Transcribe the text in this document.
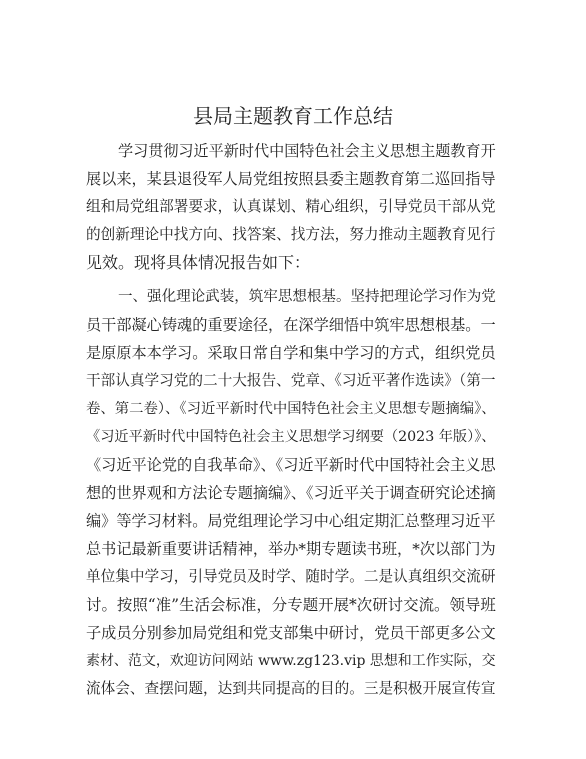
县局主题教育工作总结
学习贯彻习近平新时代中国特色社会主义思想主题教育开
展以来，某县退役军人局党组按照县委主题教育第二巡回指导
组和局党组部署要求，认真谋划、精心组织，引导党员干部从党
的创新理论中找方向、找答案、找方法，努力推动主题教育见行
见效。现将具体情况报告如下：
一、强化理论武装，筑牢思想根基。坚持把理论学习作为党
员干部凝心铸魂的重要途径，在深学细悟中筑牢思想根基。一
是原原本本学习。采取日常自学和集中学习的方式，组织党员
干部认真学习党的二十大报告、党章、《习近平著作选读》（第一
卷、第二卷）、《习近平新时代中国特色社会主义思想专题摘编》、
《习近平新时代中国特色社会主义思想学习纲要（2023 年版）》、
《习近平论党的自我革命》、《习近平新时代中国特社会主义思
想的世界观和方法论专题摘编》、《习近平关于调查研究论述摘
编》等学习材料。局党组理论学习中心组定期汇总整理习近平
总书记最新重要讲话精神，举办*期专题读书班，*次以部门为
单位集中学习，引导党员及时学、随时学。二是认真组织交流研
讨。按照“准”生活会标准，分专题开展*次研讨交流。领导班
子成员分别参加局党组和党支部集中研讨，党员干部更多公文
素材、范文，欢迎访问网站 www.zg123.vip 思想和工作实际，交
流体会、查摆问题，达到共同提高的目的。三是积极开展宣传宣
